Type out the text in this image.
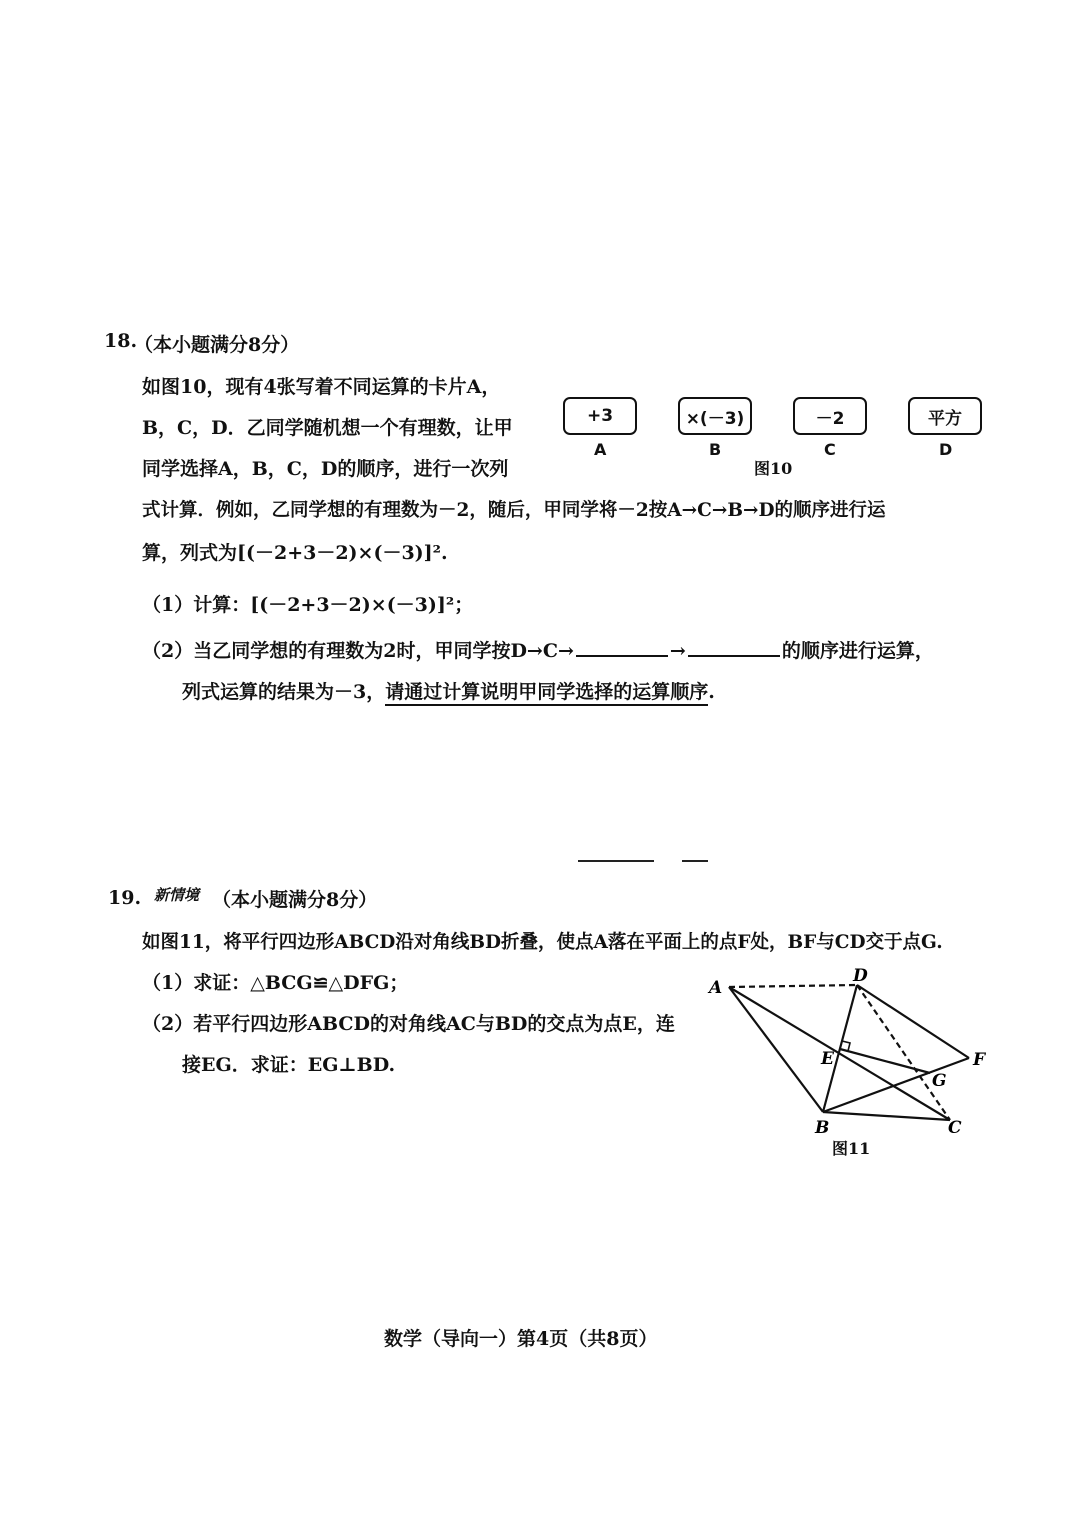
18.
（本小题满分8分）
如图10，现有4张写着不同运算的卡片A，
B，C，D．乙同学随机想一个有理数，让甲
同学选择A，B，C，D的顺序，进行一次列
式计算．例如，乙同学想的有理数为－2，随后，甲同学将－2按A→C→B→D的顺序进行运
算，列式为[(－2+3－2)×(－3)]².
+3
A
×(－3)
B
－2
C
平方
D
图10
（1）计算：[(－2+3－2)×(－3)]²；
（2）当乙同学想的有理数为2时，甲同学按D→C→	→	的顺序进行运算，
列式运算的结果为－3，请通过计算说明甲同学选择的运算顺序.
19. 新情境 （本小题满分8分）
如图11，将平行四边形ABCD沿对角线BD折叠，使点A落在平面上的点F处，BF与CD交于点G.
（1）求证：△BCG≌△DFG；
（2）若平行四边形ABCD的对角线AC与BD的交点为点E，连
接EG．求证：EG⊥BD.
A
D
E	F
G
B	C
图11
数学（导向一）第4页（共8页）
